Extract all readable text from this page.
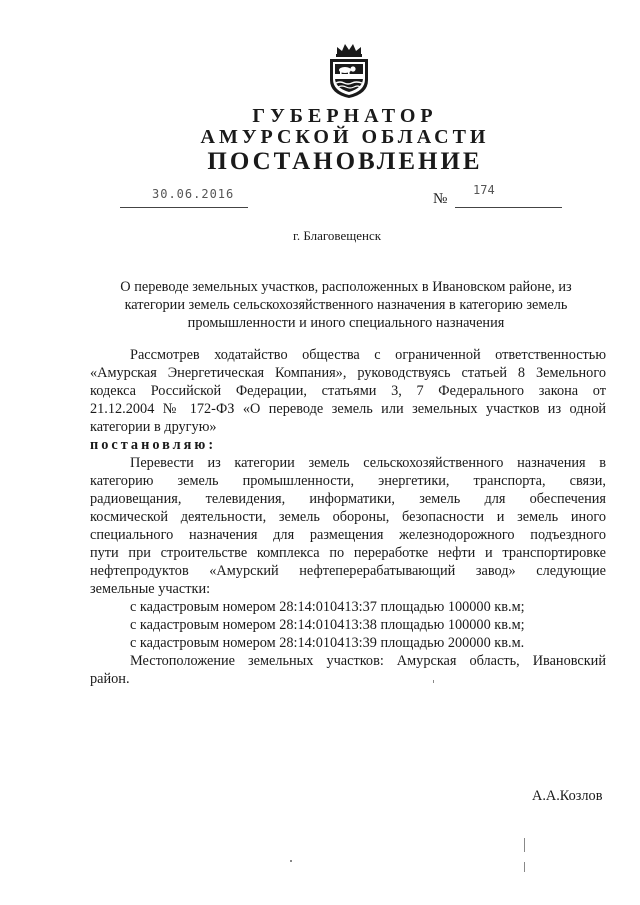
ГУБЕРНАТОР
АМУРСКОЙ ОБЛАСТИ
ПОСТАНОВЛЕНИЕ
30.06.2016	№
174
г. Благовещенск
О переводе земельных участков, расположенных в Ивановском районе, из
категории земель сельскохозяйственного назначения в категорию земель
промышленности и иного специального назначения
Рассмотрев ходатайство общества с ограниченной ответственностью
«Амурская Энергетическая Компания», руководствуясь статьей 8 Земельного
кодекса Российской Федерации, статьями 3, 7 Федерального закона от
21.12.2004 № 172-ФЗ «О переводе земель или земельных участков из одной
категории в другую»
постановляю:
Перевести из категории земель сельскохозяйственного назначения в
категорию земель промышленности, энергетики, транспорта, связи,
радиовещания, телевидения, информатики, земель для обеспечения
космической деятельности, земель обороны, безопасности и земель иного
специального назначения для размещения железнодорожного подъездного
пути при строительстве комплекса по переработке нефти и транспортировке
нефтепродуктов «Амурский нефтеперерабатывающий завод» следующие
земельные участки:
с кадастровым номером 28:14:010413:37 площадью 100000 кв.м;
с кадастровым номером 28:14:010413:38 площадью 100000 кв.м;
с кадастровым номером 28:14:010413:39 площадью 200000 кв.м.
Местоположение земельных участков: Амурская область, Ивановский
район.
А.А.Козлов
